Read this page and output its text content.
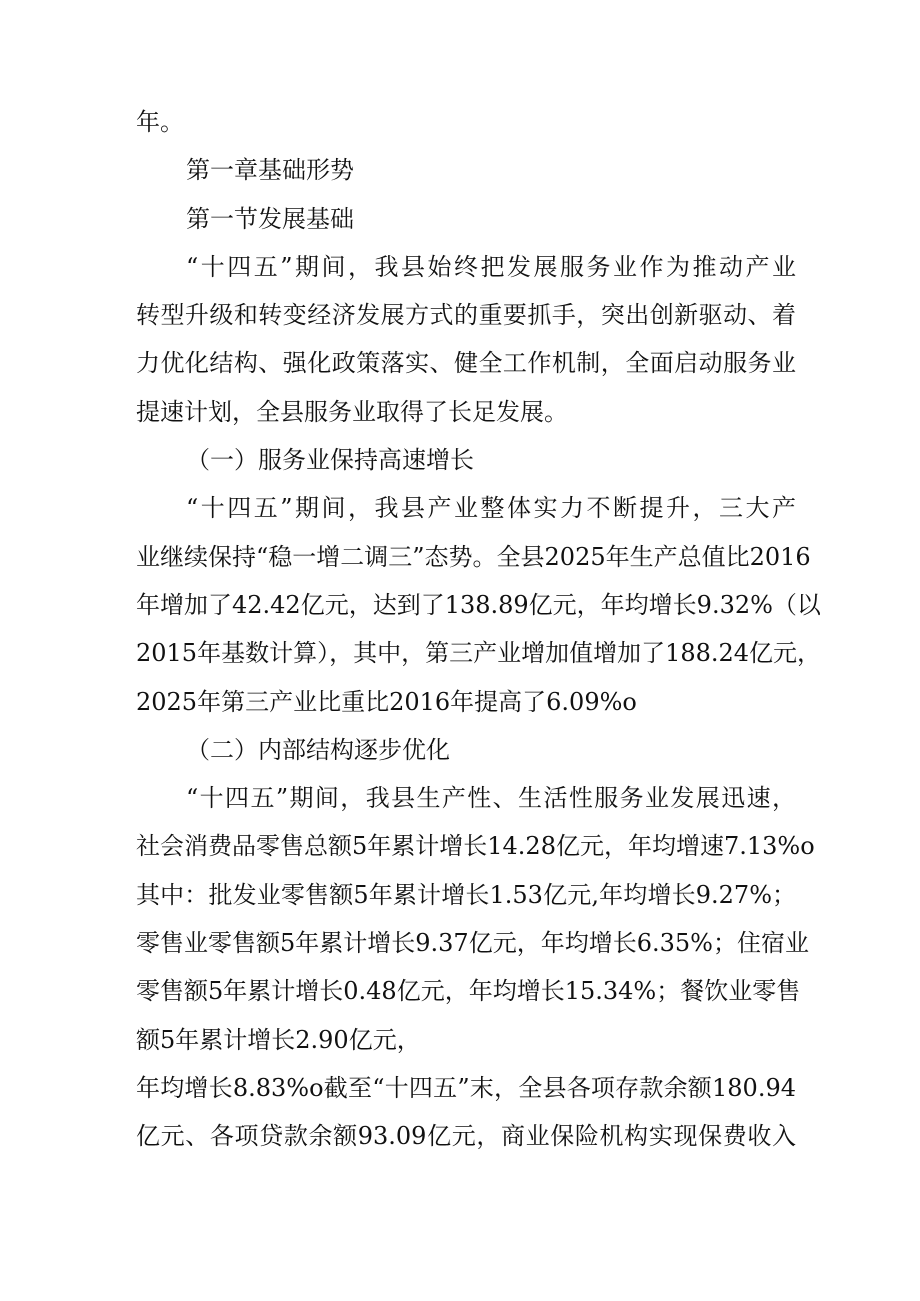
年。
第一章基础形势
第一节发展基础
“十四五”期间，我县始终把发展服务业作为推动产业
转型升级和转变经济发展方式的重要抓手，突出创新驱动、着
力优化结构、强化政策落实、健全工作机制，全面启动服务业
提速计划，全县服务业取得了长足发展。
（一）服务业保持高速增长
“十四五”期间，我县产业整体实力不断提升，三大产
业继续保持“稳一增二调三”态势。全县2025年生产总值比2016
年增加了42.42亿元，达到了138.89亿元，年均增长9.32%（以
2015年基数计算），其中，第三产业增加值增加了188.24亿元，
2025年第三产业比重比2016年提高了6.09%o
（二）内部结构逐步优化
“十四五”期间，我县生产性、生活性服务业发展迅速，
社会消费品零售总额5年累计增长14.28亿元，年均增速7.13%o
其中：批发业零售额5年累计增长1.53亿元,年均增长9.27%；
零售业零售额5年累计增长9.37亿元，年均增长6.35%；住宿业
零售额5年累计增长0.48亿元，年均增长15.34%；餐饮业零售
额5年累计增长2.90亿元，
年均增长8.83%o截至“十四五”末，全县各项存款余额180.94
亿元、各项贷款余额93.09亿元，商业保险机构实现保费收入
